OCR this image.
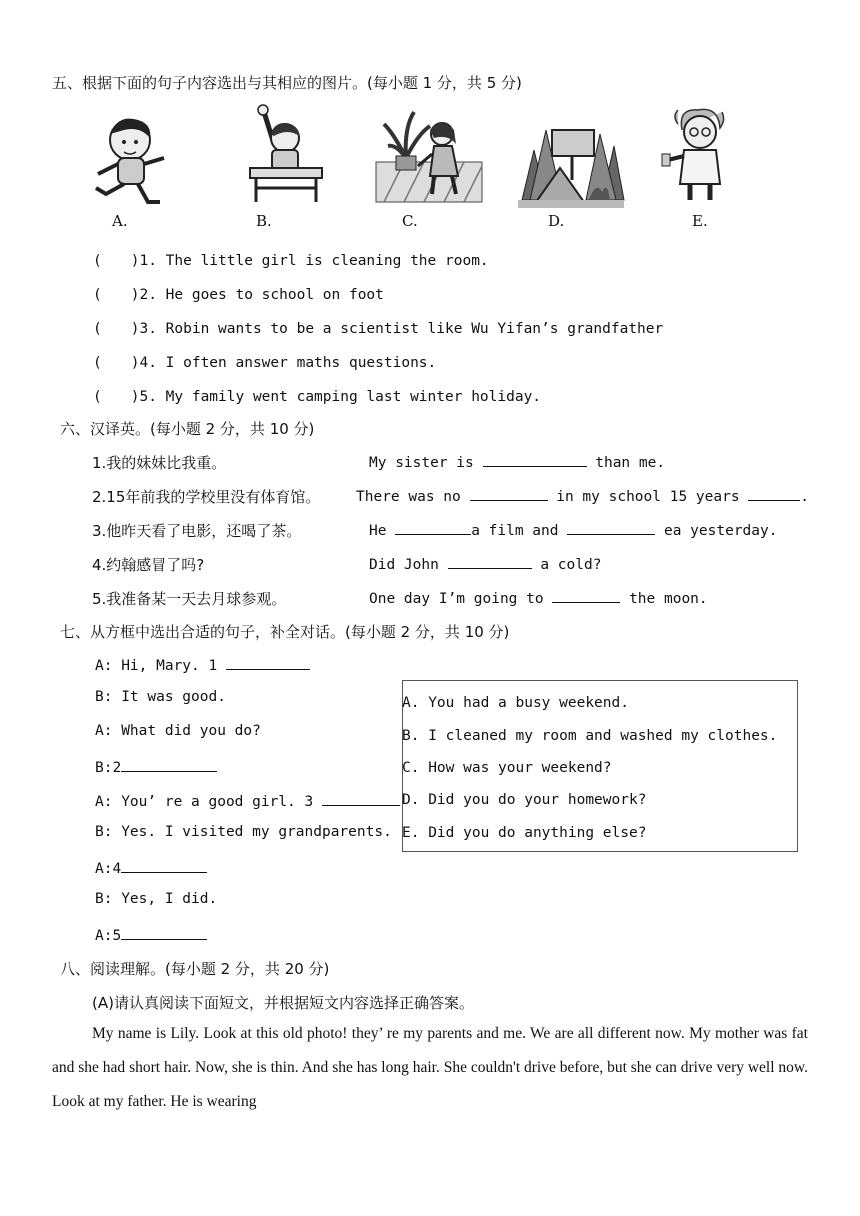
五、根据下面的句子内容选出与其相应的图片。(每小题 1 分，共 5 分)
A.	B.	C.	D.	E.
(　　)1. The little girl is cleaning the room.
(　　)2. He goes to school on foot
(　　)3. Robin wants to be a scientist like Wu Yifan’s grandfather
(　　)4. I often answer maths questions.
(　　)5. My family went camping last winter holiday.
六、汉译英。(每小题 2 分，共 10 分)
1.我的妹妹比我重。	My sister is	than me.
2.15年前我的学校里没有体育馆。 There was no	in my school 15 years	.
3.他昨天看了电影，还喝了茶。	He	a film and	ea yesterday.
4.约翰感冒了吗?	Did John	a cold?
5.我准备某一天去月球参观。	One day I’m going to	the moon.
七、从方框中选出合适的句子，补全对话。(每小题 2 分，共 10 分)
A: Hi, Mary. 1
B: It was good.
A: What did you do?
B:2
A: You’ re a good girl. 3
B: Yes. I visited my grandparents.
A:4
B: Yes, I did.
A:5
A. You had a busy weekend.
B. I cleaned my room and washed my clothes.
C. How was your weekend?
D. Did you do your homework?
E. Did you do anything else?
八、阅读理解。(每小题 2 分，共 20 分)
(A)请认真阅读下面短文，并根据短文内容选择正确答案。
My name is Lily. Look at this old photo! they’ re my parents and me. We are all different now. My mother was fat and she had short hair. Now, she is thin. And she has long hair. She couldn't drive before, but she can drive very well now. Look at my father. He is wearing
